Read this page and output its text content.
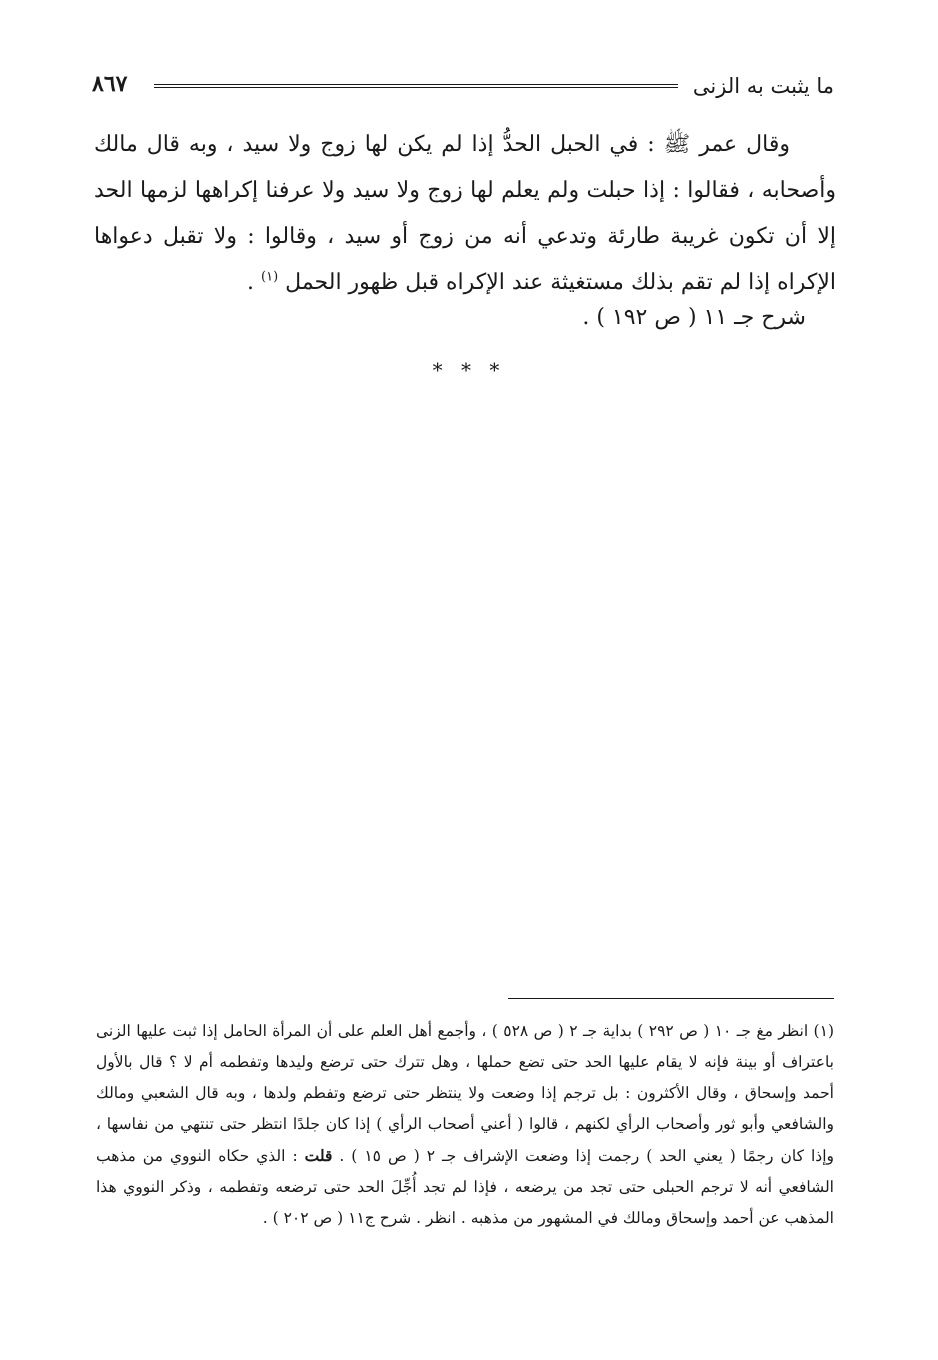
ما يثبت به الزنى
٨٦٧

وقال عمر ﷺ : في الحبل الحدُّ إذا لم يكن لها زوج ولا سيد ، وبه قال مالك وأصحابه ، فقالوا : إذا حبلت ولم يعلم لها زوج ولا سيد ولا عرفنا إكراهها لزمها الحد إلا أن تكون غريبة طارئة وتدعي أنه من زوج أو سيد ، وقالوا : ولا تقبل دعواها الإكراه إذا لم تقم بذلك مستغيثة عند الإكراه قبل ظهور الحمل $^{(١)}$ .

شرح جـ ١١ ( ص ١٩٢ ) .
* * *

(١) انظر مغ جـ ١٠ ( ص ٢٩٢ ) بداية جـ ٢ ( ص ٥٢٨ ) ، وأجمع أهل العلم على أن المرأة الحامل إذا ثبت عليها الزنى باعتراف أو بينة فإنه لا يقام عليها الحد حتى تضع حملها ، وهل تترك حتى ترضع وليدها وتفطمه أم لا ؟ قال بالأول أحمد وإسحاق ، وقال الأكثرون : بل ترجم إذا وضعت ولا ينتظر حتى ترضع وتفطم ولدها ، وبه قال الشعبي ومالك والشافعي وأبو ثور وأصحاب الرأي لكنهم ، قالوا ( أعني أصحاب الرأي ) إذا كان جلدًا انتظر حتى تنتهي من نفاسها ، وإذا كان رجمًا ( يعني الحد ) رجمت إذا وضعت الإشراف جـ ٢ ( ص ١٥ ) . قلت : الذي حكاه النووي من مذهب الشافعي أنه لا ترجم الحبلى حتى تجد من يرضعه ، فإذا لم تجد أُجِّلَ الحد حتى ترضعه وتفطمه ، وذكر النووي هذا المذهب عن أحمد وإسحاق ومالك في المشهور من مذهبه . انظر . شرح ج١١ ( ص ٢٠٢ ) .
